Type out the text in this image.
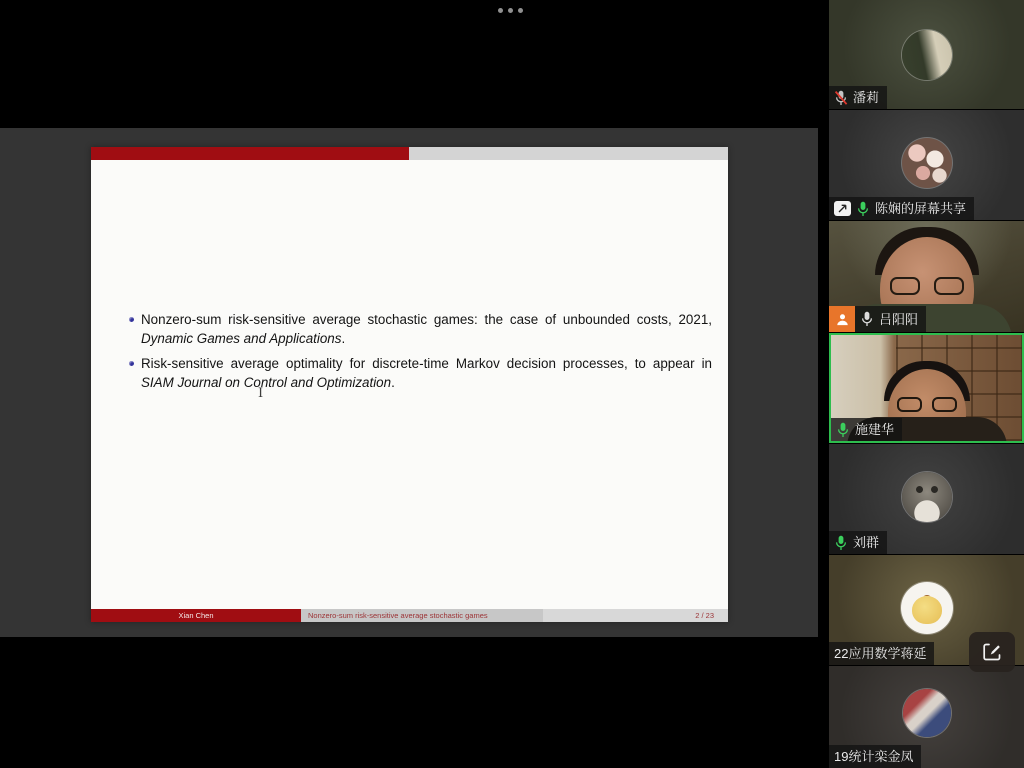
Nonzero-sum risk-sensitive average stochastic games: the case of unbounded costs, 2021, Dynamic Games and Applications.
Risk-sensitive average optimality for discrete-time Markov decision processes, to appear in SIAM Journal on Control and Optimization.
I
Xian Chen	Nonzero-sum risk-sensitive average stochastic games	2 / 23
潘莉
陈娴的屏幕共享
吕阳阳
施建华
刘群
22应用数学蒋延
19统计栾金凤
